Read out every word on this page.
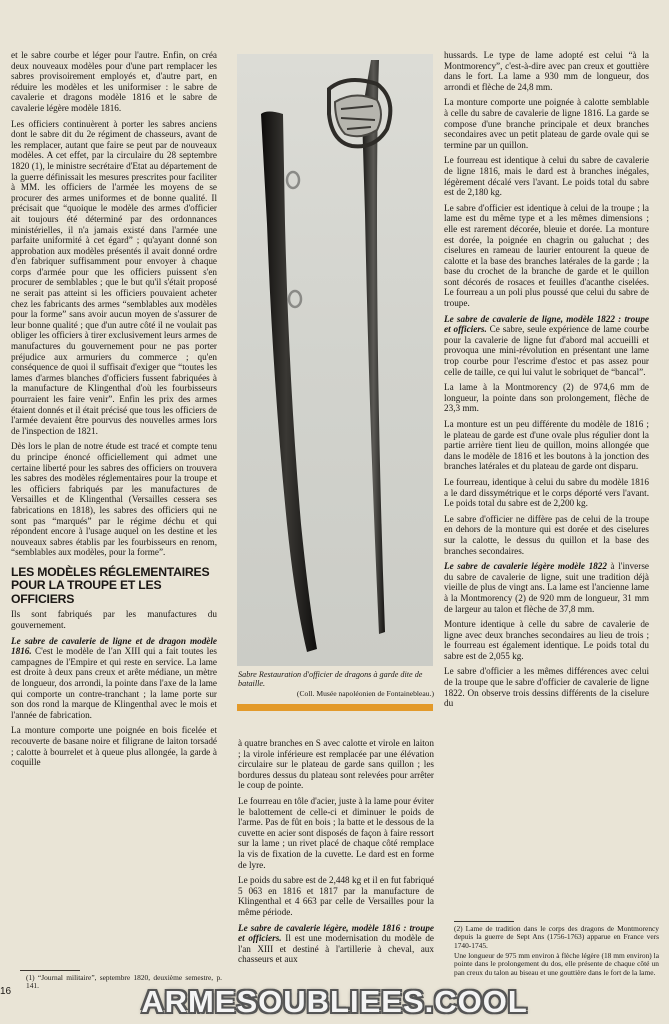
et le sabre courbe et léger pour l'autre. Enfin, on créa deux nouveaux modèles pour d'une part remplacer les sabres provisoirement employés et, d'autre part, en réduire les modèles et les uniformiser : le sabre de cavalerie et dragons modèle 1816 et le sabre de cavalerie légère modèle 1816.

Les officiers continuèrent à porter les sabres anciens dont le sabre dit du 2e régiment de chasseurs, avant de les remplacer, autant que faire se peut par de nouveaux modèles. A cet effet, par la circulaire du 28 septembre 1820 (1), le ministre secrétaire d'Etat au département de la guerre définissait les mesures prescrites pour faciliter à MM. les officiers de l'armée les moyens de se procurer des armes uniformes et de bonne qualité. Il précisait que “quoique le modèle des armes d'officier ait toujours été déterminé par des ordonnances ministérielles, il n'a jamais existé dans l'armée une parfaite uniformité à cet égard” ; qu'ayant donné son approbation aux modèles présentés il avait donné ordre d'en fabriquer suffisamment pour envoyer à chaque corps d'armée pour que les officiers puissent s'en procurer de semblables ; que le but qu'il s'était proposé ne serait pas atteint si les officiers pouvaient acheter chez les fabricants des armes “semblables aux modèles pour la forme” sans avoir aucun moyen de s'assurer de leur bonne qualité ; que d'un autre côté il ne voulait pas obliger les officiers à tirer exclusivement leurs armes de manufactures du gouvernement pour ne pas porter préjudice aux armuriers du commerce ; qu'en conséquence de quoi il suffisait d'exiger que “toutes les lames d'armes blanches d'officiers fussent fabriquées à la manufacture de Klingenthal d'où les fourbisseurs pourraient les faire venir”. Enfin les prix des armes étaient donnés et il était précisé que tous les officiers de l'armée devaient être pourvus des nouvelles armes lors de l'inspection de 1821.

Dès lors le plan de notre étude est tracé et compte tenu du principe énoncé officiellement qui admet une certaine liberté pour les sabres des officiers on trouvera les sabres des modèles réglementaires pour la troupe et les officiers fabriqués par les manufactures de Versailles et de Klingenthal (Versailles cessera ses fabrications en 1818), les sabres des officiers qui ne sont pas “marqués” par le régime déchu et qui répondent encore à l'usage auquel on les destine et les nouveaux sabres établis par les fourbisseurs en renom, “semblables aux modèles, pour la forme”.

LES MODÈLES RÉGLEMENTAIRES POUR LA TROUPE ET LES OFFICIERS

Ils sont fabriqués par les manufactures du gouvernement.

Le sabre de cavalerie de ligne et de dragon modèle 1816. C'est le modèle de l'an XIII qui a fait toutes les campagnes de l'Empire et qui reste en service. La lame est droite à deux pans creux et arête médiane, un mètre de longueur, dos arrondi, la pointe dans l'axe de la lame qui comporte un contre-tranchant ; la lame porte sur son dos rond la marque de Klingenthal avec le mois et l'année de fabrication.

La monture comporte une poignée en bois ficelée et recouverte de basane noire et filigrane de laiton torsadé ; calotte à bourrelet et à queue plus allongée, la garde à coquille

Sabre Restauration d'officier de dragons à garde dite de bataille.
(Coll. Musée napoléonien de Fontainebleau.)

à quatre branches en S avec calotte et virole en laiton ; la virole inférieure est remplacée par une élévation circulaire sur le plateau de garde sans quillon ; les bordures dessus du plateau sont relevées pour arrêter le coup de pointe.

Le fourreau en tôle d'acier, juste à la lame pour éviter le balottement de celle-ci et diminuer le poids de l'arme. Pas de fût en bois ; la batte et le dessous de la cuvette en acier sont disposés de façon à faire ressort sur la lame ; un rivet placé de chaque côté remplace la vis de fixation de la cuvette. Le dard est en forme de lyre.

Le poids du sabre est de 2,448 kg et il en fut fabriqué 5 063 en 1816 et 1817 par la manufacture de Klingenthal et 4 663 par celle de Versailles pour la même période.

Le sabre de cavalerie légère, modèle 1816 : troupe et officiers. Il est une modernisation du modèle de l'an XIII et destiné à l'artillerie à cheval, aux chasseurs et aux

hussards. Le type de lame adopté est celui “à la Montmorency”, c'est-à-dire avec pan creux et gouttière dans le fort. La lame a 930 mm de longueur, dos arrondi et flèche de 24,8 mm.

La monture comporte une poignée à calotte semblable à celle du sabre de cavalerie de ligne 1816. La garde se compose d'une branche principale et deux branches secondaires avec un petit plateau de garde ovale qui se termine par un quillon.

Le fourreau est identique à celui du sabre de cavalerie de ligne 1816, mais le dard est à branches inégales, légèrement décalé vers l'avant. Le poids total du sabre est de 2,180 kg.

Le sabre d'officier est identique à celui de la troupe ; la lame est du même type et a les mêmes dimensions ; elle est rarement décorée, bleuie et dorée. La monture est dorée, la poignée en chagrin ou galuchat ; des ciselures en rameau de laurier entourent la queue de calotte et la base des branches latérales de la garde ; la base du crochet de la branche de garde et le quillon sont décorés de rosaces et feuilles d'acanthe ciselées. Le fourreau a un poli plus poussé que celui du sabre de troupe.

Le sabre de cavalerie de ligne, modèle 1822 : troupe et officiers. Ce sabre, seule expérience de lame courbe pour la cavalerie de ligne fut d'abord mal accueilli et provoqua une mini-révolution en présentant une lame trop courbe pour l'escrime d'estoc et pas assez pour celle de taille, ce qui lui valut le sobriquet de “bancal”.

La lame à la Montmorency (2) de 974,6 mm de longueur, la pointe dans son prolongement, flèche de 23,3 mm.

La monture est un peu différente du modèle de 1816 ; le plateau de garde est d'une ovale plus régulier dont la partie arrière tient lieu de quillon, moins allongée que dans le modèle de 1816 et les boutons à la jonction des branches latérales et du plateau de garde ont disparu.

Le fourreau, identique à celui du sabre du modèle 1816 a le dard dissymétrique et le corps déporté vers l'avant. Le poids total du sabre est de 2,200 kg.

Le sabre d'officier ne diffère pas de celui de la troupe en dehors de la monture qui est dorée et des ciselures sur la calotte, le dessus du quillon et la base des branches secondaires.

Le sabre de cavalerie légère modèle 1822 à l'inverse du sabre de cavalerie de ligne, suit une tradition déjà vieille de plus de vingt ans. La lame est l'ancienne lame à la Montmorency (2) de 920 mm de longueur, 31 mm de largeur au talon et flèche de 37,8 mm.

Monture identique à celle du sabre de cavalerie de ligne avec deux branches secondaires au lieu de trois ; le fourreau est également identique. Le poids total du sabre est de 2,055 kg.

Le sabre d'officier a les mêmes différences avec celui de la troupe que le sabre d'officier de cavalerie de ligne 1822. On observe trois dessins différents de la ciselure du

(1) “Journal militaire”, septembre 1820, deuxième semestre, p. 141.
(2) Lame de tradition dans le corps des dragons de Montmorency depuis la guerre de Sept Ans (1756-1763) apparue en France vers 1740-1745.
Une longueur de 975 mm environ à flèche légère (18 mm environ) la pointe dans le prolongement du dos, elle présente de chaque côté un pan creux du talon au biseau et une gouttière dans le fort de la lame.
16	ARMESOUBLIEES.COOL
